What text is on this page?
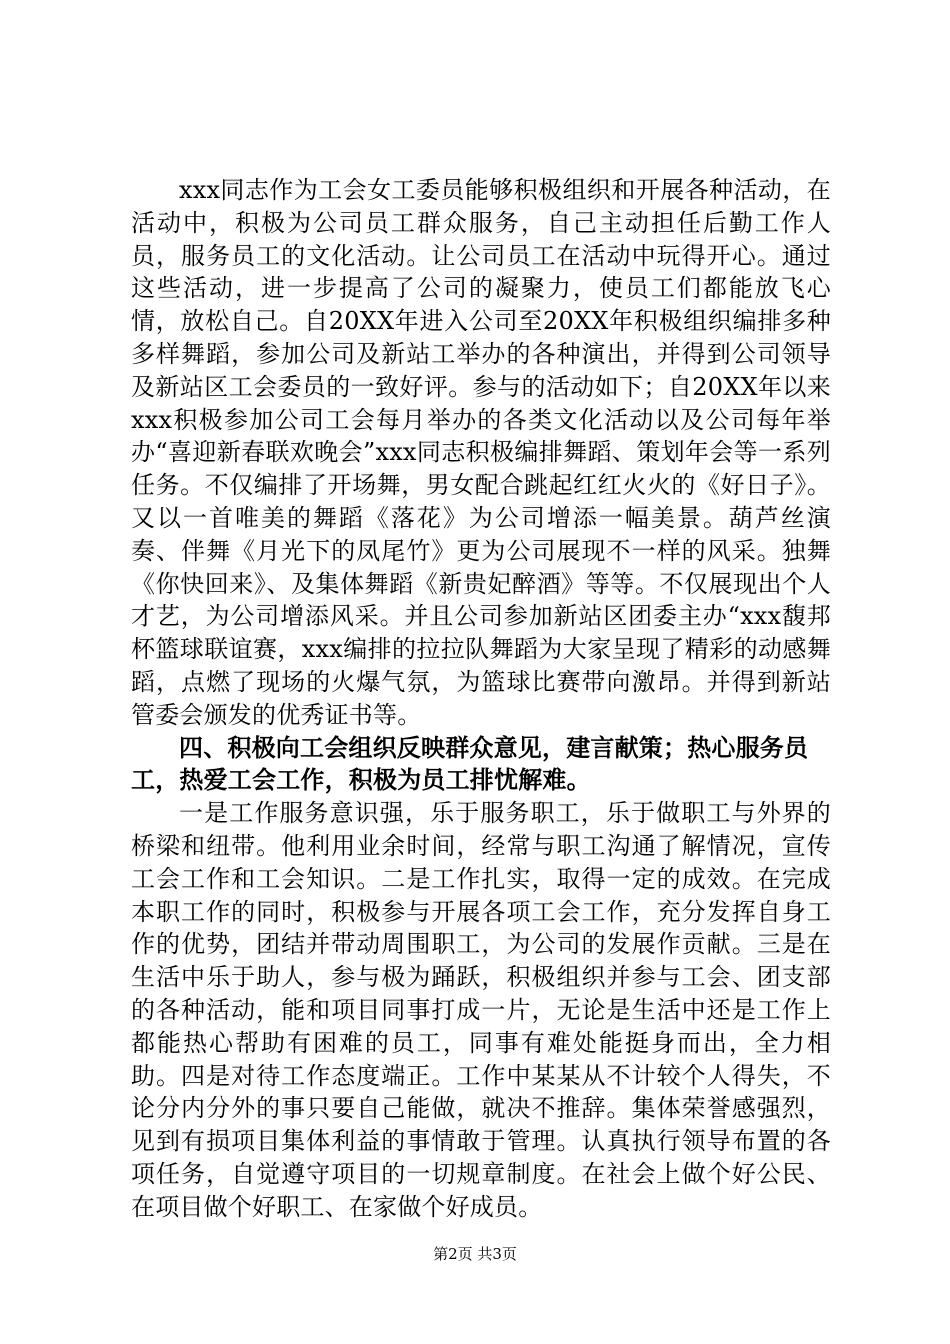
xxx同志作为工会女工委员能够积极组织和开展各种活动，在活动中，积极为公司员工群众服务，自己主动担任后勤工作人员，服务员工的文化活动。让公司员工在活动中玩得开心。通过这些活动，进一步提高了公司的凝聚力，使员工们都能放飞心情，放松自己。自20XX年进入公司至20XX年积极组织编排多种多样舞蹈，参加公司及新站工举办的各种演出，并得到公司领导及新站区工会委员的一致好评。参与的活动如下；自20XX年以来xxx积极参加公司工会每月举办的各类文化活动以及公司每年举办“喜迎新春联欢晚会”xxx同志积极编排舞蹈、策划年会等一系列任务。不仅编排了开场舞，男女配合跳起红红火火的《好日子》。又以一首唯美的舞蹈《落花》为公司增添一幅美景。葫芦丝演奏、伴舞《月光下的凤尾竹》更为公司展现不一样的风采。独舞《你快回来》、及集体舞蹈《新贵妃醉酒》等等。不仅展现出个人才艺，为公司增添风采。并且公司参加新站区团委主办“xxx馥邦杯篮球联谊赛，xxx编排的拉拉队舞蹈为大家呈现了精彩的动感舞蹈，点燃了现场的火爆气氛，为篮球比赛带向激昂。并得到新站管委会颁发的优秀证书等。

四、积极向工会组织反映群众意见，建言献策；热心服务员工，热爱工会工作，积极为员工排忧解难。

一是工作服务意识强，乐于服务职工，乐于做职工与外界的桥梁和纽带。他利用业余时间，经常与职工沟通了解情况，宣传工会工作和工会知识。二是工作扎实，取得一定的成效。在完成本职工作的同时，积极参与开展各项工会工作，充分发挥自身工作的优势，团结并带动周围职工，为公司的发展作贡献。三是在生活中乐于助人，参与极为踊跃，积极组织并参与工会、团支部的各种活动，能和项目同事打成一片，无论是生活中还是工作上都能热心帮助有困难的员工，同事有难处能挺身而出，全力相助。四是对待工作态度端正。工作中某某从不计较个人得失，不论分内分外的事只要自己能做，就决不推辞。集体荣誉感强烈，见到有损项目集体利益的事情敢于管理。认真执行领导布置的各项任务，自觉遵守项目的一切规章制度。在社会上做个好公民、在项目做个好职工、在家做个好成员。

第2页 共3页
